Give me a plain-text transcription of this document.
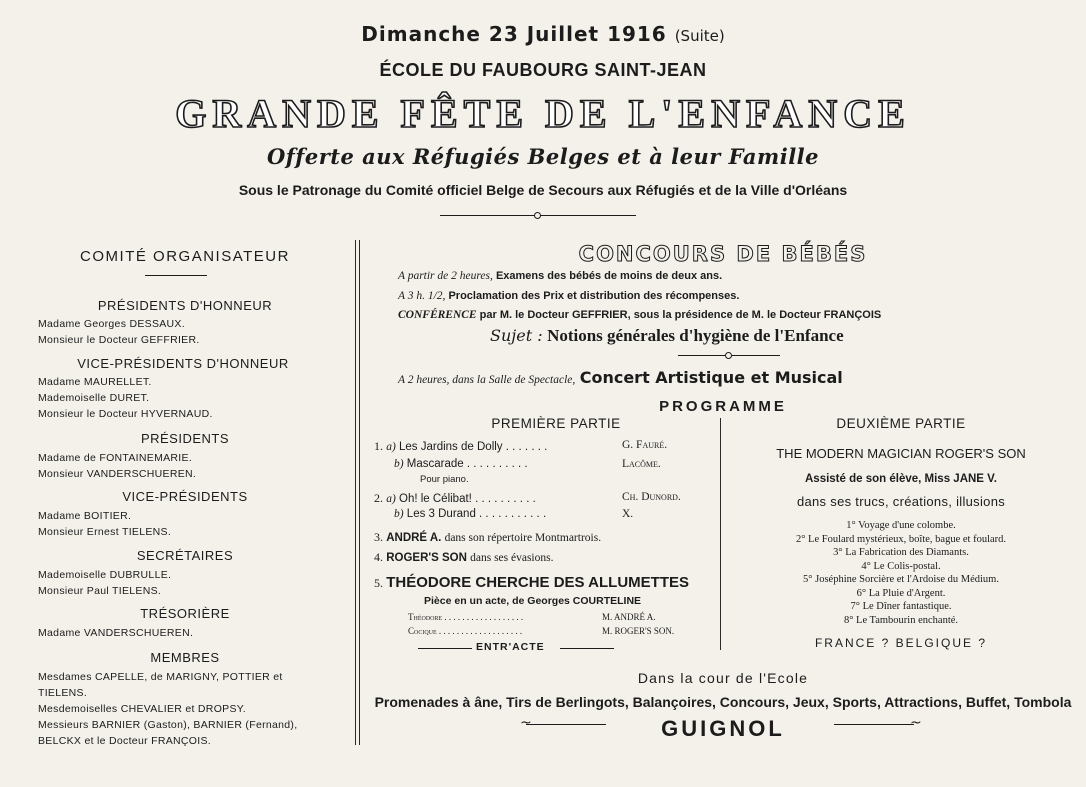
Dimanche 23 Juillet 1916 (Suite)
ÉCOLE DU FAUBOURG SAINT-JEAN
GRANDE FÊTE DE L'ENFANCE
Offerte aux Réfugiés Belges et à leur Famille
Sous le Patronage du Comité officiel Belge de Secours aux Réfugiés et de la Ville d'Orléans
COMITÉ ORGANISATEUR
PRÉSIDENTS D'HONNEUR
Madame Georges DESSAUX.
Monsieur le Docteur GEFFRIER.
VICE-PRÉSIDENTS D'HONNEUR
Madame MAURELLET.
Mademoiselle DURET.
Monsieur le Docteur HYVERNAUD.
PRÉSIDENTS
Madame de FONTAINEMARIE.
Monsieur VANDERSCHUEREN.
VICE-PRÉSIDENTS
Madame BOITIER.
Monsieur Ernest TIELENS.
SECRÉTAIRES
Mademoiselle DUBRULLE.
Monsieur Paul TIELENS.
TRÉSORIÈRE
Madame VANDERSCHUEREN.
MEMBRES
Mesdames CAPELLE, de MARIGNY, POTTIER et
TIELENS.
Mesdemoiselles CHEVALIER et DROPSY.
Messieurs BARNIER (Gaston), BARNIER (Fernand),
BELCKX et le Docteur FRANÇOIS.
CONCOURS DE BÉBÉS
A partir de 2 heures, Examens des bébés de moins de deux ans.
A 3 h. 1/2, Proclamation des Prix et distribution des récompenses.
CONFÉRENCE par M. le Docteur GEFFRIER, sous la présidence de M. le Docteur FRANÇOIS
Sujet : Notions générales d'hygiène de l'Enfance
A 2 heures, dans la Salle de Spectacle, Concert Artistique et Musical
PROGRAMME
PREMIÈRE PARTIE
1. a) Les Jardins de Dolly . . . . . . .	G. Fauré.
b) Mascarade . . . . . . . . . .	Lacôme.
Pour piano.
2. a) Oh! le Célibat! . . . . . . . . . .	Ch. Dunord.
b) Les 3 Durand . . . . . . . . . . .	X.
3. ANDRÉ A. dans son répertoire Montmartrois.
4. ROGER'S SON dans ses évasions.
5. THÉODORE CHERCHE DES ALLUMETTES
Pièce en un acte, de Georges COURTELINE
Théodore . . . . . . . . . . . . . . . . . .	M. ANDRÉ A.
Cocique . . . . . . . . . . . . . . . . . . .	M. ROGER'S SON.
ENTR'ACTE
DEUXIÈME PARTIE
THE MODERN MAGICIAN ROGER'S SON
Assisté de son élève, Miss JANE V.
dans ses trucs, créations, illusions
1° Voyage d'une colombe.
2° Le Foulard mystérieux, boîte, bague et foulard.
3° La Fabrication des Diamants.
4° Le Colis-postal.
5° Joséphine Sorcière et l'Ardoise du Médium.
6° La Pluie d'Argent.
7° Le Dîner fantastique.
8° Le Tambourin enchanté.
FRANCE ? BELGIQUE ?
Dans la cour de l'Ecole
Promenades à âne, Tirs de Berlingots, Balançoires, Concours, Jeux, Sports, Attractions, Buffet, Tombola
GUIGNOL
~	~
